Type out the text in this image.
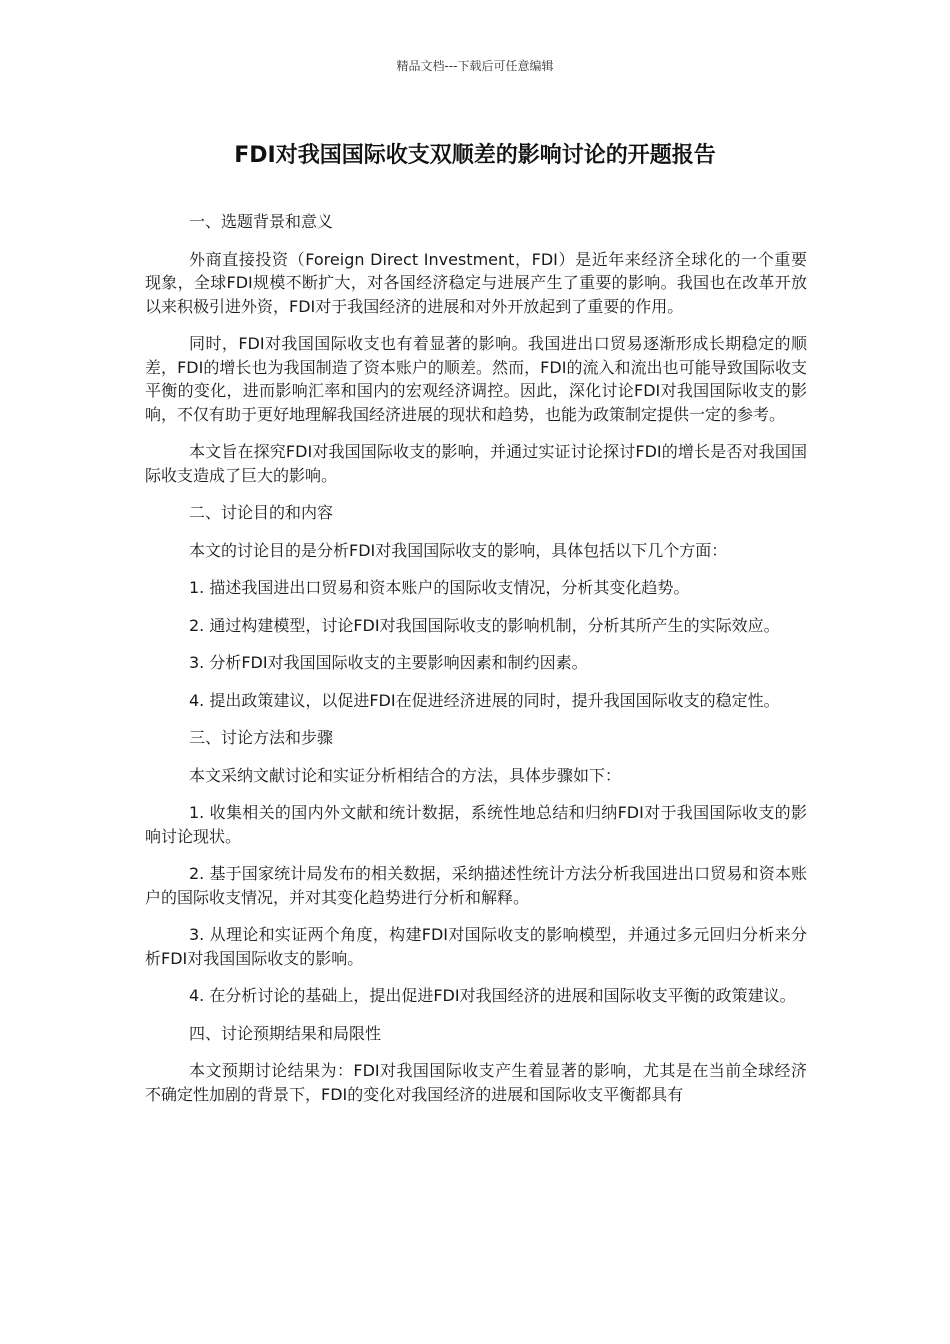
精品文档---下载后可任意编辑
FDI对我国国际收支双顺差的影响讨论的开题报告

一、选题背景和意义

外商直接投资（Foreign Direct Investment，FDI）是近年来经济全球化的一个重要现象，全球FDI规模不断扩大，对各国经济稳定与进展产生了重要的影响。我国也在改革开放以来积极引进外资，FDI对于我国经济的进展和对外开放起到了重要的作用。

同时，FDI对我国国际收支也有着显著的影响。我国进出口贸易逐渐形成长期稳定的顺差，FDI的增长也为我国制造了资本账户的顺差。然而，FDI的流入和流出也可能导致国际收支平衡的变化，进而影响汇率和国内的宏观经济调控。因此，深化讨论FDI对我国国际收支的影响，不仅有助于更好地理解我国经济进展的现状和趋势，也能为政策制定提供一定的参考。

本文旨在探究FDI对我国国际收支的影响，并通过实证讨论探讨FDI的增长是否对我国国际收支造成了巨大的影响。

二、讨论目的和内容

本文的讨论目的是分析FDI对我国国际收支的影响，具体包括以下几个方面：

1. 描述我国进出口贸易和资本账户的国际收支情况，分析其变化趋势。

2. 通过构建模型，讨论FDI对我国国际收支的影响机制，分析其所产生的实际效应。

3. 分析FDI对我国国际收支的主要影响因素和制约因素。

4. 提出政策建议，以促进FDI在促进经济进展的同时，提升我国国际收支的稳定性。

三、讨论方法和步骤

本文采纳文献讨论和实证分析相结合的方法，具体步骤如下：

1. 收集相关的国内外文献和统计数据，系统性地总结和归纳FDI对于我国国际收支的影响讨论现状。

2. 基于国家统计局发布的相关数据，采纳描述性统计方法分析我国进出口贸易和资本账户的国际收支情况，并对其变化趋势进行分析和解释。

3. 从理论和实证两个角度，构建FDI对国际收支的影响模型，并通过多元回归分析来分析FDI对我国国际收支的影响。

4. 在分析讨论的基础上，提出促进FDI对我国经济的进展和国际收支平衡的政策建议。

四、讨论预期结果和局限性

本文预期讨论结果为：FDI对我国国际收支产生着显著的影响，尤其是在当前全球经济不确定性加剧的背景下，FDI的变化对我国经济的进展和国际收支平衡都具有
